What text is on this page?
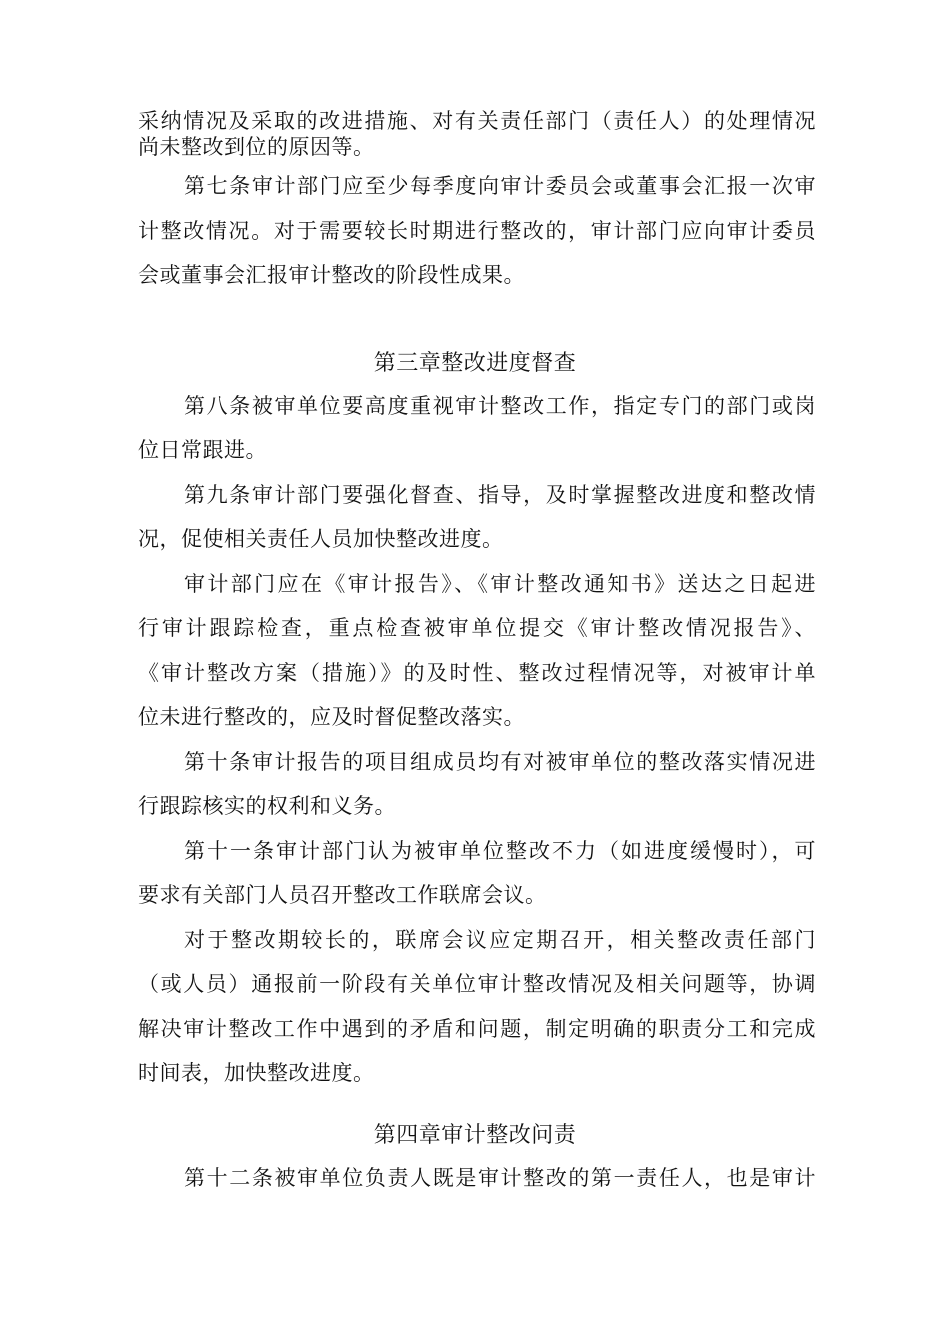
采纳情况及采取的改进措施、对有关责任部门（责任人）的处理情况
尚未整改到位的原因等。
第七条审计部门应至少每季度向审计委员会或董事会汇报一次审
计整改情况。对于需要较长时期进行整改的，审计部门应向审计委员
会或董事会汇报审计整改的阶段性成果。
第三章整改进度督查
第八条被审单位要高度重视审计整改工作，指定专门的部门或岗
位日常跟进。
第九条审计部门要强化督查、指导，及时掌握整改进度和整改情
况，促使相关责任人员加快整改进度。
审计部门应在《审计报告》、《审计整改通知书》送达之日起进
行审计跟踪检查，重点检查被审单位提交《审计整改情况报告》、
《审计整改方案（措施）》的及时性、整改过程情况等，对被审计单
位未进行整改的，应及时督促整改落实。
第十条审计报告的项目组成员均有对被审单位的整改落实情况进
行跟踪核实的权利和义务。
第十一条审计部门认为被审单位整改不力（如进度缓慢时），可
要求有关部门人员召开整改工作联席会议。
对于整改期较长的，联席会议应定期召开，相关整改责任部门
（或人员）通报前一阶段有关单位审计整改情况及相关问题等，协调
解决审计整改工作中遇到的矛盾和问题，制定明确的职责分工和完成
时间表，加快整改进度。
第四章审计整改问责
第十二条被审单位负责人既是审计整改的第一责任人，也是审计
